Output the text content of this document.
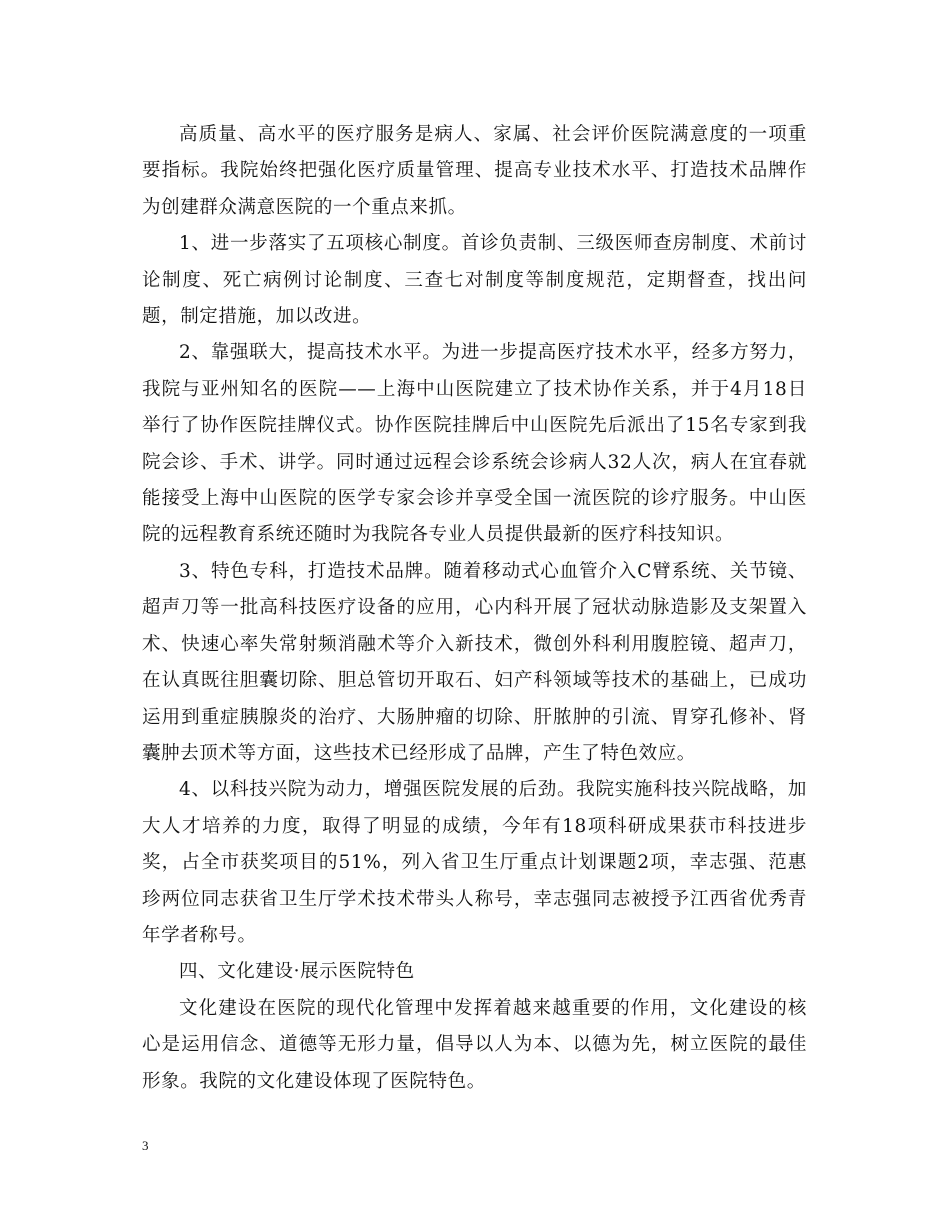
高质量、高水平的医疗服务是病人、家属、社会评价医院满意度的一项重要指标。我院始终把强化医疗质量管理、提高专业技术水平、打造技术品牌作为创建群众满意医院的一个重点来抓。

1、进一步落实了五项核心制度。首诊负责制、三级医师查房制度、术前讨论制度、死亡病例讨论制度、三查七对制度等制度规范，定期督查，找出问题，制定措施，加以改进。

2、靠强联大，提高技术水平。为进一步提高医疗技术水平，经多方努力，我院与亚州知名的医院——上海中山医院建立了技术协作关系，并于4月18日举行了协作医院挂牌仪式。协作医院挂牌后中山医院先后派出了15名专家到我院会诊、手术、讲学。同时通过远程会诊系统会诊病人32人次，病人在宜春就能接受上海中山医院的医学专家会诊并享受全国一流医院的诊疗服务。中山医院的远程教育系统还随时为我院各专业人员提供最新的医疗科技知识。

3、特色专科，打造技术品牌。随着移动式心血管介入C臂系统、关节镜、超声刀等一批高科技医疗设备的应用，心内科开展了冠状动脉造影及支架置入术、快速心率失常射频消融术等介入新技术，微创外科利用腹腔镜、超声刀，在认真既往胆囊切除、胆总管切开取石、妇产科领域等技术的基础上，已成功运用到重症胰腺炎的治疗、大肠肿瘤的切除、肝脓肿的引流、胃穿孔修补、肾囊肿去顶术等方面，这些技术已经形成了品牌，产生了特色效应。

4、以科技兴院为动力，增强医院发展的后劲。我院实施科技兴院战略，加大人才培养的力度，取得了明显的成绩，今年有18项科研成果获市科技进步奖，占全市获奖项目的51%，列入省卫生厅重点计划课题2项，幸志强、范惠珍两位同志获省卫生厅学术技术带头人称号，幸志强同志被授予江西省优秀青年学者称号。

四、文化建设·展示医院特色

文化建设在医院的现代化管理中发挥着越来越重要的作用，文化建设的核心是运用信念、道德等无形力量，倡导以人为本、以德为先，树立医院的最佳形象。我院的文化建设体现了医院特色。

3
